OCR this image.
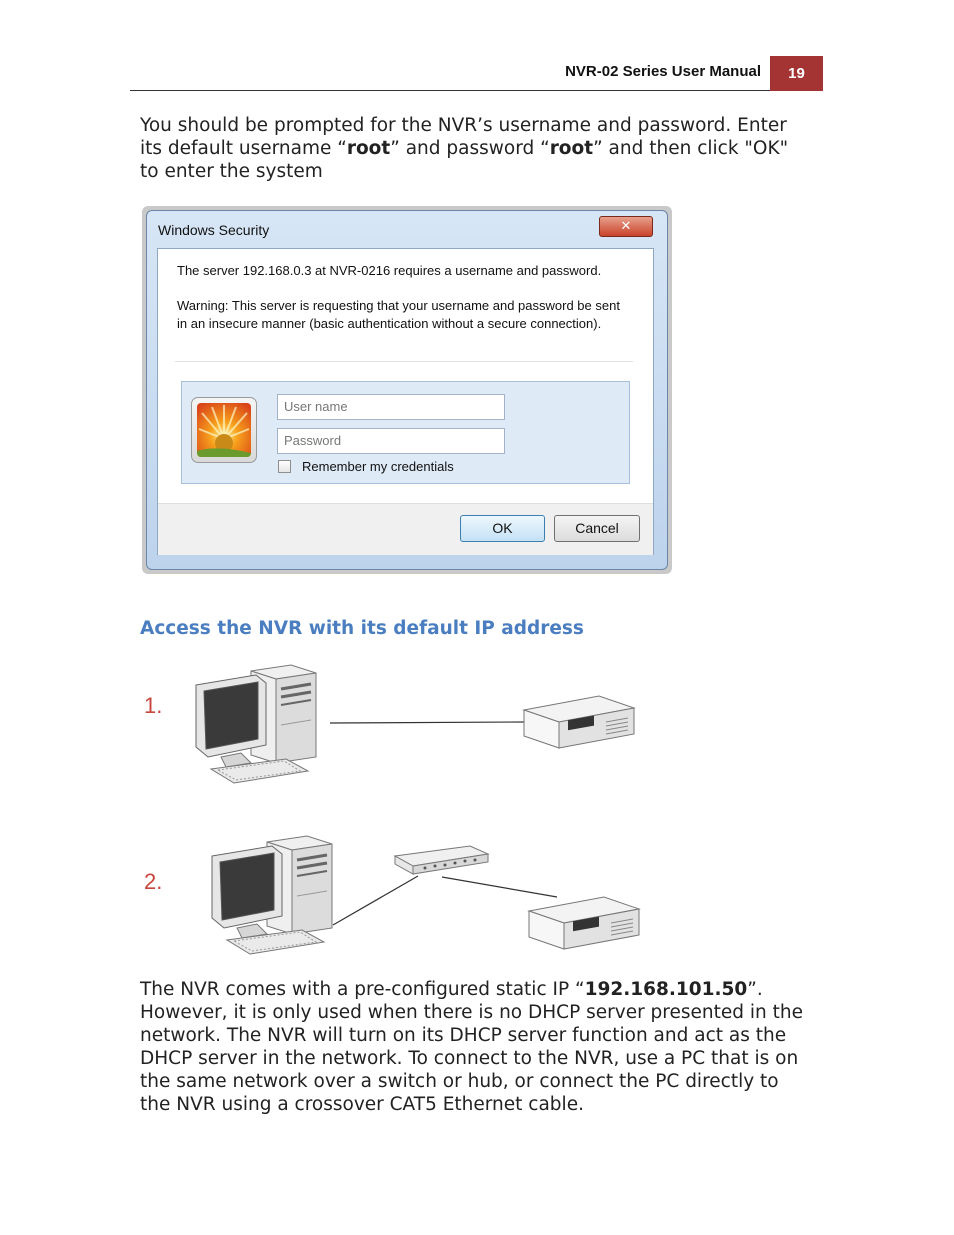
NVR-02 Series User Manual	19
You should be prompted for the NVR’s username and password. Enter its default username “root” and password “root” and then click "OK" to enter the system
Windows Security	✕
The server 192.168.0.3 at NVR-0216 requires a username and password.
Warning: This server is requesting that your username and password be sent in an insecure manner (basic authentication without a secure connection).
User name
Password
Remember my credentials
OK	Cancel
Access the NVR with its default IP address
1.
2.
The NVR comes with a pre-configured static IP “192.168.101.50”. However, it is only used when there is no DHCP server presented in the network. The NVR will turn on its DHCP server function and act as the DHCP server in the network. To connect to the NVR, use a PC that is on the same network over a switch or hub, or connect the PC directly to the NVR using a crossover CAT5 Ethernet cable.
